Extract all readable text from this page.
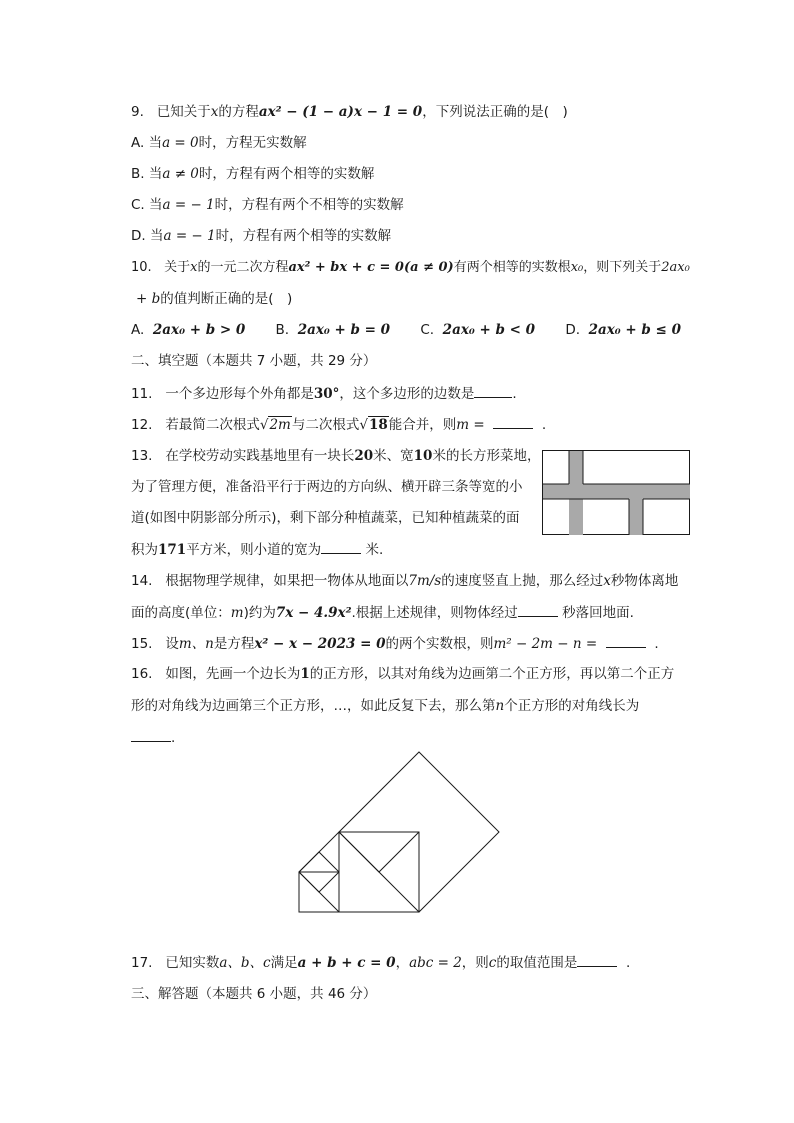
9. 已知关于x的方程ax² − (1 − a)x − 1 = 0，下列说法正确的是(　)
A. 当a = 0时，方程无实数解
B. 当a ≠ 0时，方程有两个相等的实数解
C. 当a = − 1时，方程有两个不相等的实数解
D. 当a = − 1时，方程有两个相等的实数解
10. 关于x的一元二次方程ax² + bx + c = 0(a ≠ 0)有两个相等的实数根x₀，则下列关于2ax₀
+ b的值判断正确的是(　)
A. 2ax₀ + b > 0 B. 2ax₀ + b = 0 C. 2ax₀ + b < 0 D. 2ax₀ + b ≤ 0
二、填空题（本题共 7 小题，共 29 分）
11. 一个多边形每个外角都是30°，这个多边形的边数是	.
12. 若最简二次根式√2m与二次根式√18能合并，则m =	.
13. 在学校劳动实践基地里有一块长20米、宽10米的长方形菜地，
为了管理方便，准备沿平行于两边的方向纵、横开辟三条等宽的小
道(如图中阴影部分所示)，剩下部分种植蔬菜，已知种植蔬菜的面
积为171平方米，则小道的宽为	米.
14. 根据物理学规律，如果把一物体从地面以7m/s的速度竖直上抛，那么经过x秒物体离地
面的高度(单位：m)约为7x − 4.9x².根据上述规律，则物体经过	秒落回地面.
15. 设m、n是方程x² − x − 2023 = 0的两个实数根，则m² − 2m − n =	.
16. 如图，先画一个边长为1的正方形，以其对角线为边画第二个正方形，再以第二个正方
形的对角线为边画第三个正方形，…，如此反复下去，那么第n个正方形的对角线长为
.
17. 已知实数a、b、c满足a + b + c = 0，abc = 2，则c的取值范围是	.
三、解答题（本题共 6 小题，共 46 分）
